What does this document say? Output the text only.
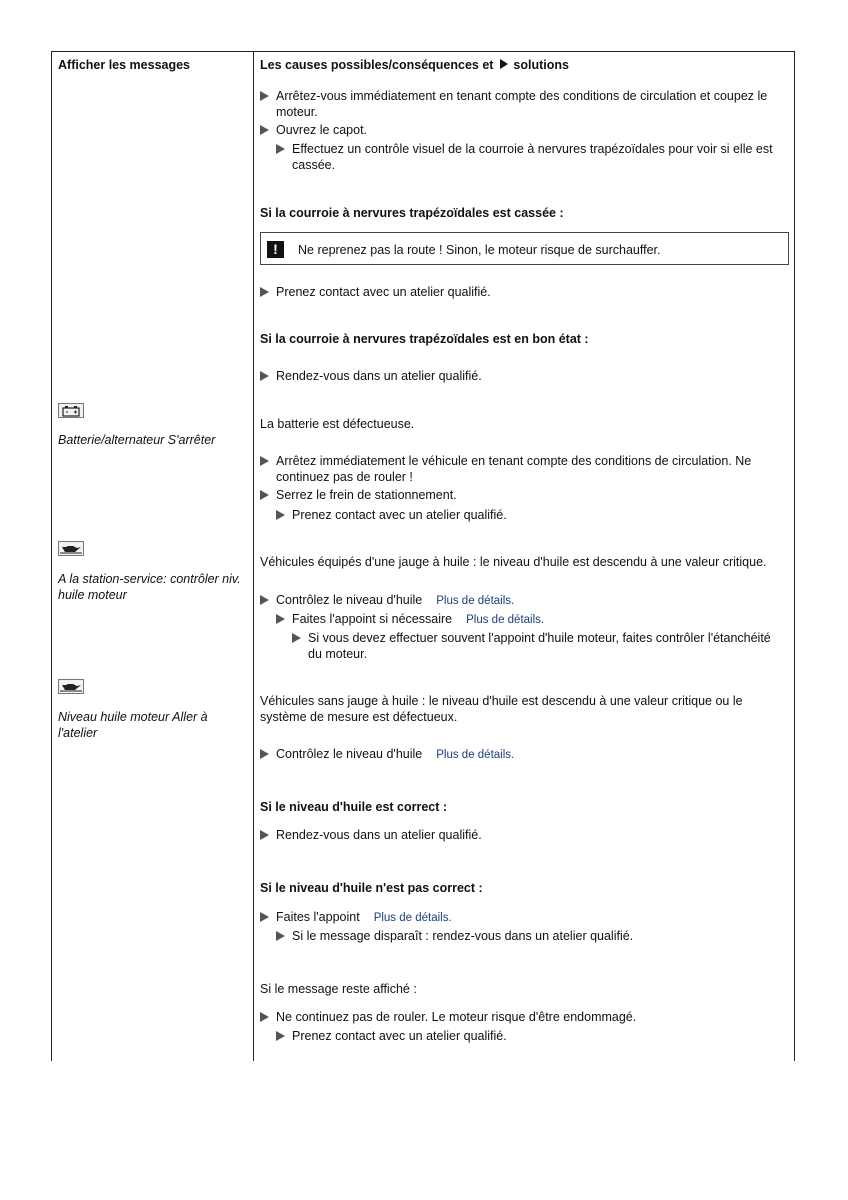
Afficher les messages	Les causes possibles/conséquences et solutions
Batterie/alternateur S'arrêter
A la station-service: contrôler niv. huile moteur
Niveau huile moteur Aller à l'atelier
Arrêtez-vous immédiatement en tenant compte des conditions de circulation et coupez le moteur.
Ouvrez le capot.
Effectuez un contrôle visuel de la courroie à nervures trapézoïdales pour voir si elle est cassée.
Si la courroie à nervures trapézoïdales est cassée :
!	Ne reprenez pas la route ! Sinon, le moteur risque de surchauffer.
Prenez contact avec un atelier qualifié.
Si la courroie à nervures trapézoïdales est en bon état :
Rendez-vous dans un atelier qualifié.
La batterie est défectueuse.
Arrêtez immédiatement le véhicule en tenant compte des conditions de circulation. Ne continuez pas de rouler !
Serrez le frein de stationnement.
Prenez contact avec un atelier qualifié.
Véhicules équipés d'une jauge à huile : le niveau d'huile est descendu à une valeur critique.
Contrôlez le niveau d'huile Plus de détails.
Faites l'appoint si nécessaire Plus de détails.
Si vous devez effectuer souvent l'appoint d'huile moteur, faites contrôler l'étanchéité du moteur.
Véhicules sans jauge à huile : le niveau d'huile est descendu à une valeur critique ou le système de mesure est défectueux.
Contrôlez le niveau d'huile Plus de détails.
Si le niveau d'huile est correct :
Rendez-vous dans un atelier qualifié.
Si le niveau d'huile n'est pas correct :
Faites l'appoint Plus de détails.
Si le message disparaît : rendez-vous dans un atelier qualifié.
Si le message reste affiché :
Ne continuez pas de rouler. Le moteur risque d'être endommagé.
Prenez contact avec un atelier qualifié.
